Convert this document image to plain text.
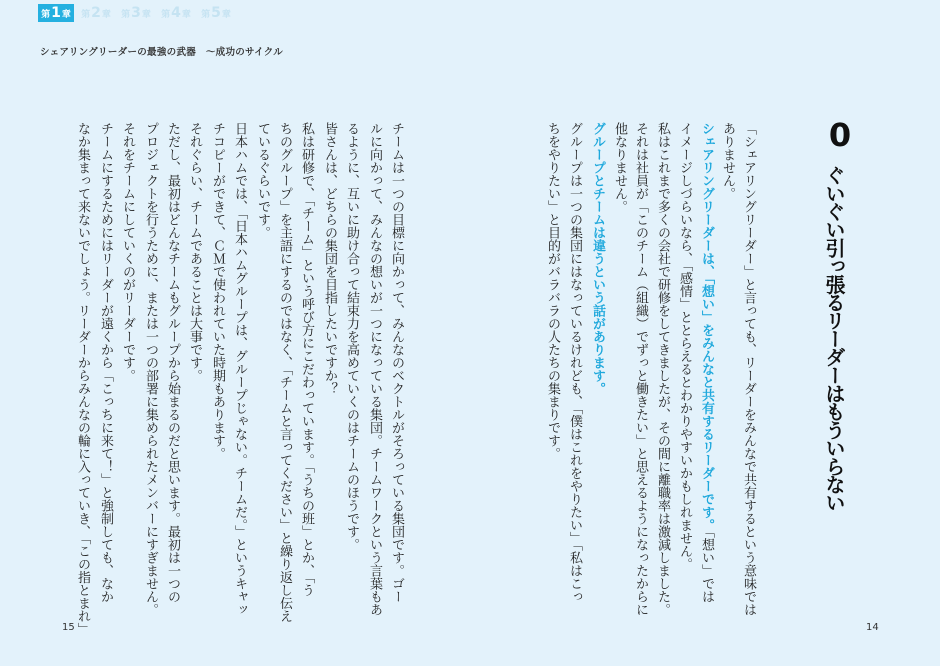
第 1 章 第 2 章 第 3 章 第 4 章 第 5 章
シェアリングリーダーの最強の武器　〜成功のサイクル
0
ぐいぐい引っ張るリーダーはもういらない
「シェアリングリーダー」と言っても、リーダーをみんなで共有するという意味では
ありません。
シェアリングリーダーは、「想い」をみんなと共有するリーダーです。「想い」では
イメージしづらいなら、「感情」ととらえるとわかりやすいかもしれません。
私はこれまで多くの会社で研修をしてきましたが、その間に離職率は激減しました。
それは社員が「このチーム（組織）でずっと働きたい」と思えるようになったからに
他なりません。
グループとチームは違うという話があります。
グループは一つの集団にはなっているけれども、「僕はこれをやりたい」「私はこっ
ちをやりたい」と目的がバラバラの人たちの集まりです。
チームは一つの目標に向かって、みんなのベクトルがそろっている集団です。ゴー
ルに向かって、みんなの想いが一つになっている集団。チームワークという言葉もあ
るように、互いに助け合って結束力を高めていくのはチームのほうです。
皆さんは、どちらの集団を目指したいですか？
私は研修で、「チーム」という呼び方にこだわっています。「うちの班」とか、「う
ちのグループ」を主語にするのではなく、「チームと言ってください」と繰り返し伝え
ているぐらいです。
日本ハムでは、「日本ハムグループは、グループじゃない。チームだ。」というキャッ
チコピーができて、ＣＭで使われていた時期もあります。
それぐらい、チームであることは大事です。
ただし、最初はどんなチームもグループから始まるのだと思います。最初は一つの
プロジェクトを行うために、または一つの部署に集められたメンバーにすぎません。
それをチームにしていくのがリーダーです。
チームにするためにはリーダーが遠くから「こっちに来て！」と強制しても、なか
なか集まって来ないでしょう。リーダーからみんなの輪に入っていき、「この指とまれ」
15	14
